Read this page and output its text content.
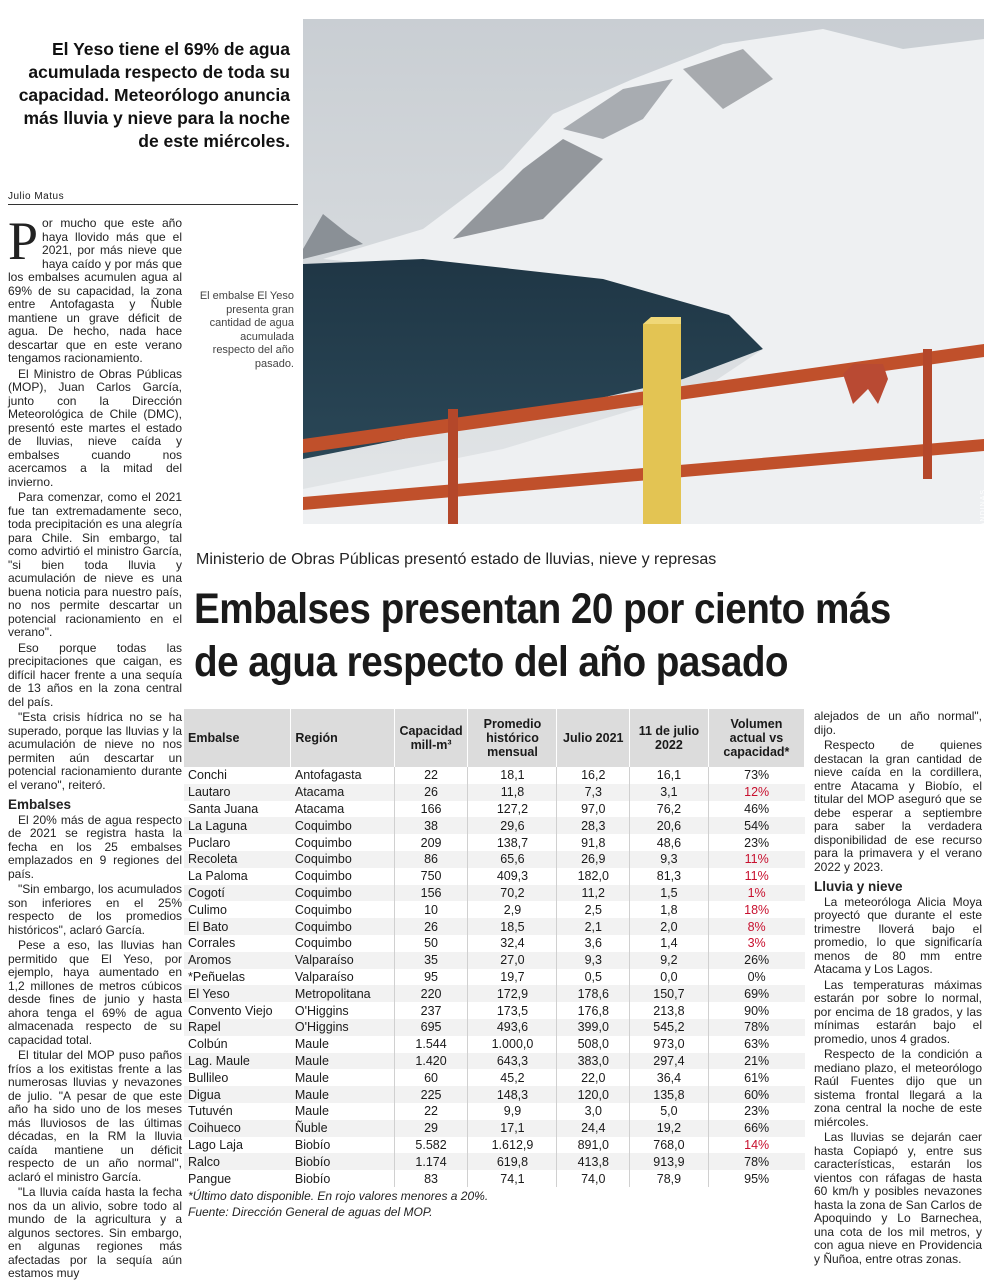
El Yeso tiene el 69% de agua acumulada respecto de toda su capacidad. Meteorólogo anuncia más lluvia y nieve para la noche de este miércoles.
Julio Matus

Por mucho que este año haya llovido más que el 2021, por más nieve que haya caído y por más que los embalses acumulen agua al 69% de su capacidad, la zona entre Antofagasta y Ñuble mantiene un grave déficit de agua. De hecho, nada hace descartar que en este verano tengamos racionamiento.

El Ministro de Obras Públicas (MOP), Juan Carlos García, junto con la Dirección Meteorológica de Chile (DMC), presentó este martes el estado de lluvias, nieve caída y embalses cuando nos acercamos a la mitad del invierno.

Para comenzar, como el 2021 fue tan extremadamente seco, toda precipitación es una alegría para Chile. Sin embargo, tal como advirtió el ministro García, "si bien toda lluvia y acumulación de nieve es una buena noticia para nuestro país, no nos permite descartar un potencial racionamiento en el verano".

Eso porque todas las precipitaciones que caigan, es difícil hacer frente a una sequía de 13 años en la zona central del país.

"Esta crisis hídrica no se ha superado, porque las lluvias y la acumulación de nieve no nos permiten aún descartar un potencial racionamiento durante el verano", reiteró.

Embalses

El 20% más de agua respecto de 2021 se registra hasta la fecha en los 25 embalses emplazados en 9 regiones del país.

"Sin embargo, los acumulados son inferiores en el 25% respecto de los promedios históricos", aclaró García.

Pese a eso, las lluvias han permitido que El Yeso, por ejemplo, haya aumentado en 1,2 millones de metros cúbicos desde fines de junio y hasta ahora tenga el 69% de agua almacenada respecto de su capacidad total.

El titular del MOP puso paños fríos a los exitistas frente a las numerosas lluvias y nevazones de julio. "A pesar de que este año ha sido uno de los meses más lluviosos de las últimas décadas, en la RM la lluvia caída mantiene un déficit respecto de un año normal", aclaró el ministro García.

"La lluvia caída hasta la fecha nos da un alivio, sobre todo al mundo de la agricultura y a algunos sectores. Sin embargo, en algunas regiones más afectadas por la sequía aún estamos muy

AGUAS ANDINAS
El embalse El Yeso presenta gran cantidad de agua acumulada respecto del año pasado.
Ministerio de Obras Públicas presentó estado de lluvias, nieve y represas
Embalses presentan 20 por ciento más de agua respecto del año pasado
Embalse	Región	Capacidad mill-m³	Promedio histórico mensual	Julio 2021	11 de julio 2022	Volumen actual vs capacidad*
Conchi	Antofagasta	22	18,1	16,2	16,1	73%
Lautaro	Atacama	26	11,8	7,3	3,1	12%
Santa Juana	Atacama	166	127,2	97,0	76,2	46%
La Laguna	Coquimbo	38	29,6	28,3	20,6	54%
Puclaro	Coquimbo	209	138,7	91,8	48,6	23%
Recoleta	Coquimbo	86	65,6	26,9	9,3	11%
La Paloma	Coquimbo	750	409,3	182,0	81,3	11%
Cogotí	Coquimbo	156	70,2	11,2	1,5	1%
Culimo	Coquimbo	10	2,9	2,5	1,8	18%
El Bato	Coquimbo	26	18,5	2,1	2,0	8%
Corrales	Coquimbo	50	32,4	3,6	1,4	3%
Aromos	Valparaíso	35	27,0	9,3	9,2	26%
*Peñuelas	Valparaíso	95	19,7	0,5	0,0	0%
El Yeso	Metropolitana	220	172,9	178,6	150,7	69%
Convento Viejo	O'Higgins	237	173,5	176,8	213,8	90%
Rapel	O'Higgins	695	493,6	399,0	545,2	78%
Colbún	Maule	1.544	1.000,0	508,0	973,0	63%
Lag. Maule	Maule	1.420	643,3	383,0	297,4	21%
Bullileo	Maule	60	45,2	22,0	36,4	61%
Digua	Maule	225	148,3	120,0	135,8	60%
Tutuvén	Maule	22	9,9	3,0	5,0	23%
Coihueco	Ñuble	29	17,1	24,4	19,2	66%
Lago Laja	Biobío	5.582	1.612,9	891,0	768,0	14%
Ralco	Biobío	1.174	619,8	413,8	913,9	78%
Pangue	Biobío	83	74,1	74,0	78,9	95%
*Último dato disponible. En rojo valores menores a 20%.
Fuente: Dirección General de aguas del MOP.

alejados de un año normal", dijo.

Respecto de quienes destacan la gran cantidad de nieve caída en la cordillera, entre Atacama y Biobío, el titular del MOP aseguró que se debe esperar a septiembre para saber la verdadera disponibilidad de ese recurso para la primavera y el verano 2022 y 2023.

Lluvia y nieve

La meteoróloga Alicia Moya proyectó que durante el este trimestre lloverá bajo el promedio, lo que significaría menos de 80 mm entre Atacama y Los Lagos.

Las temperaturas máximas estarán por sobre lo normal, por encima de 18 grados, y las mínimas estarán bajo el promedio, unos 4 grados.

Respecto de la condición a mediano plazo, el meteorólogo Raúl Fuentes dijo que un sistema frontal llegará a la zona central la noche de este miércoles.

Las lluvias se dejarán caer hasta Copiapó y, entre sus características, estarán los vientos con ráfagas de hasta 60 km/h y posibles nevazones hasta la zona de San Carlos de Apoquindo y Lo Barnechea, una cota de los mil metros, y con agua nieve en Providencia y Ñuñoa, entre otras zonas.
